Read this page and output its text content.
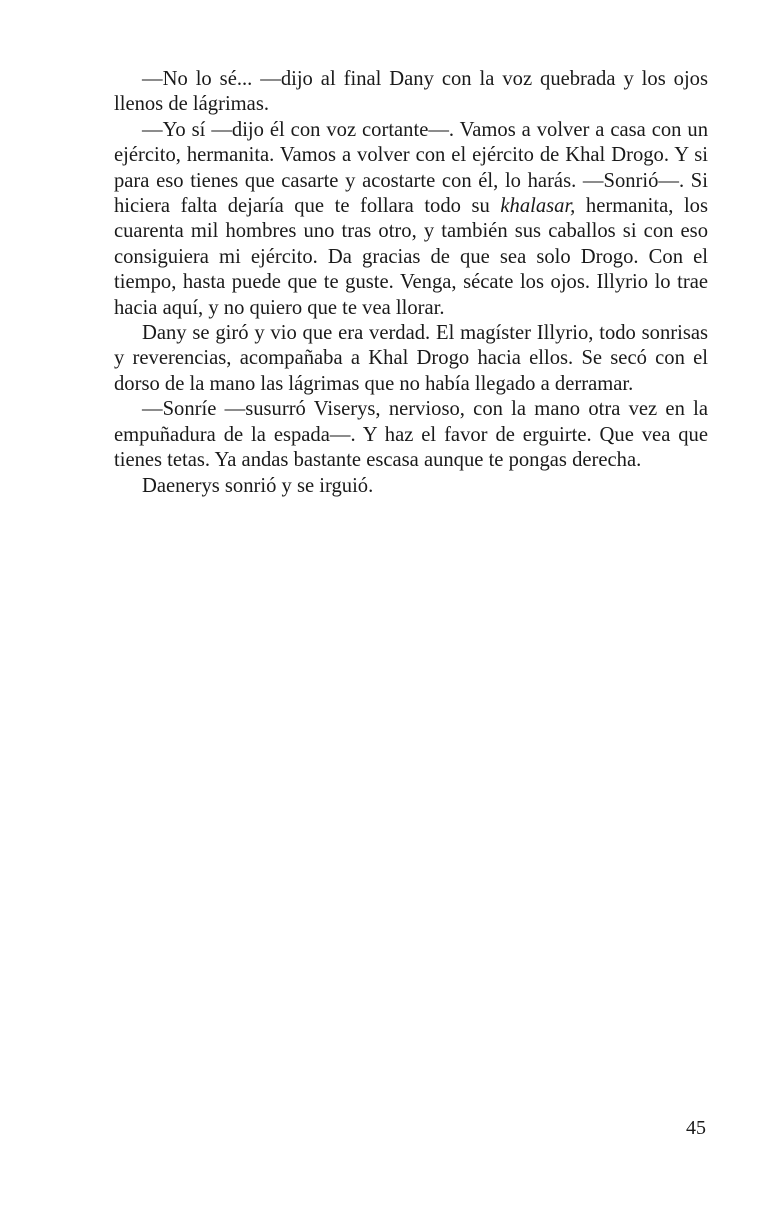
—No lo sé... —dijo al final Dany con la voz quebrada y los ojos llenos de lágrimas.

—Yo sí —dijo él con voz cortante—. Vamos a volver a casa con un ejército, hermanita. Vamos a volver con el ejército de Khal Drogo. Y si para eso tienes que casarte y acostarte con él, lo harás. —Sonrió—. Si hiciera falta dejaría que te follara todo su khalasar, hermanita, los cuarenta mil hombres uno tras otro, y también sus caballos si con eso consiguiera mi ejército. Da gracias de que sea solo Drogo. Con el tiempo, hasta puede que te guste. Venga, sécate los ojos. Illyrio lo trae hacia aquí, y no quiero que te vea llorar.

Dany se giró y vio que era verdad. El magíster Illyrio, todo sonrisas y reverencias, acompañaba a Khal Drogo hacia ellos. Se secó con el dorso de la mano las lágrimas que no había llegado a derramar.

—Sonríe —susurró Viserys, nervioso, con la mano otra vez en la empuñadura de la espada—. Y haz el favor de erguirte. Que vea que tienes tetas. Ya andas bastante escasa aunque te pongas derecha.

Daenerys sonrió y se irguió.

45
